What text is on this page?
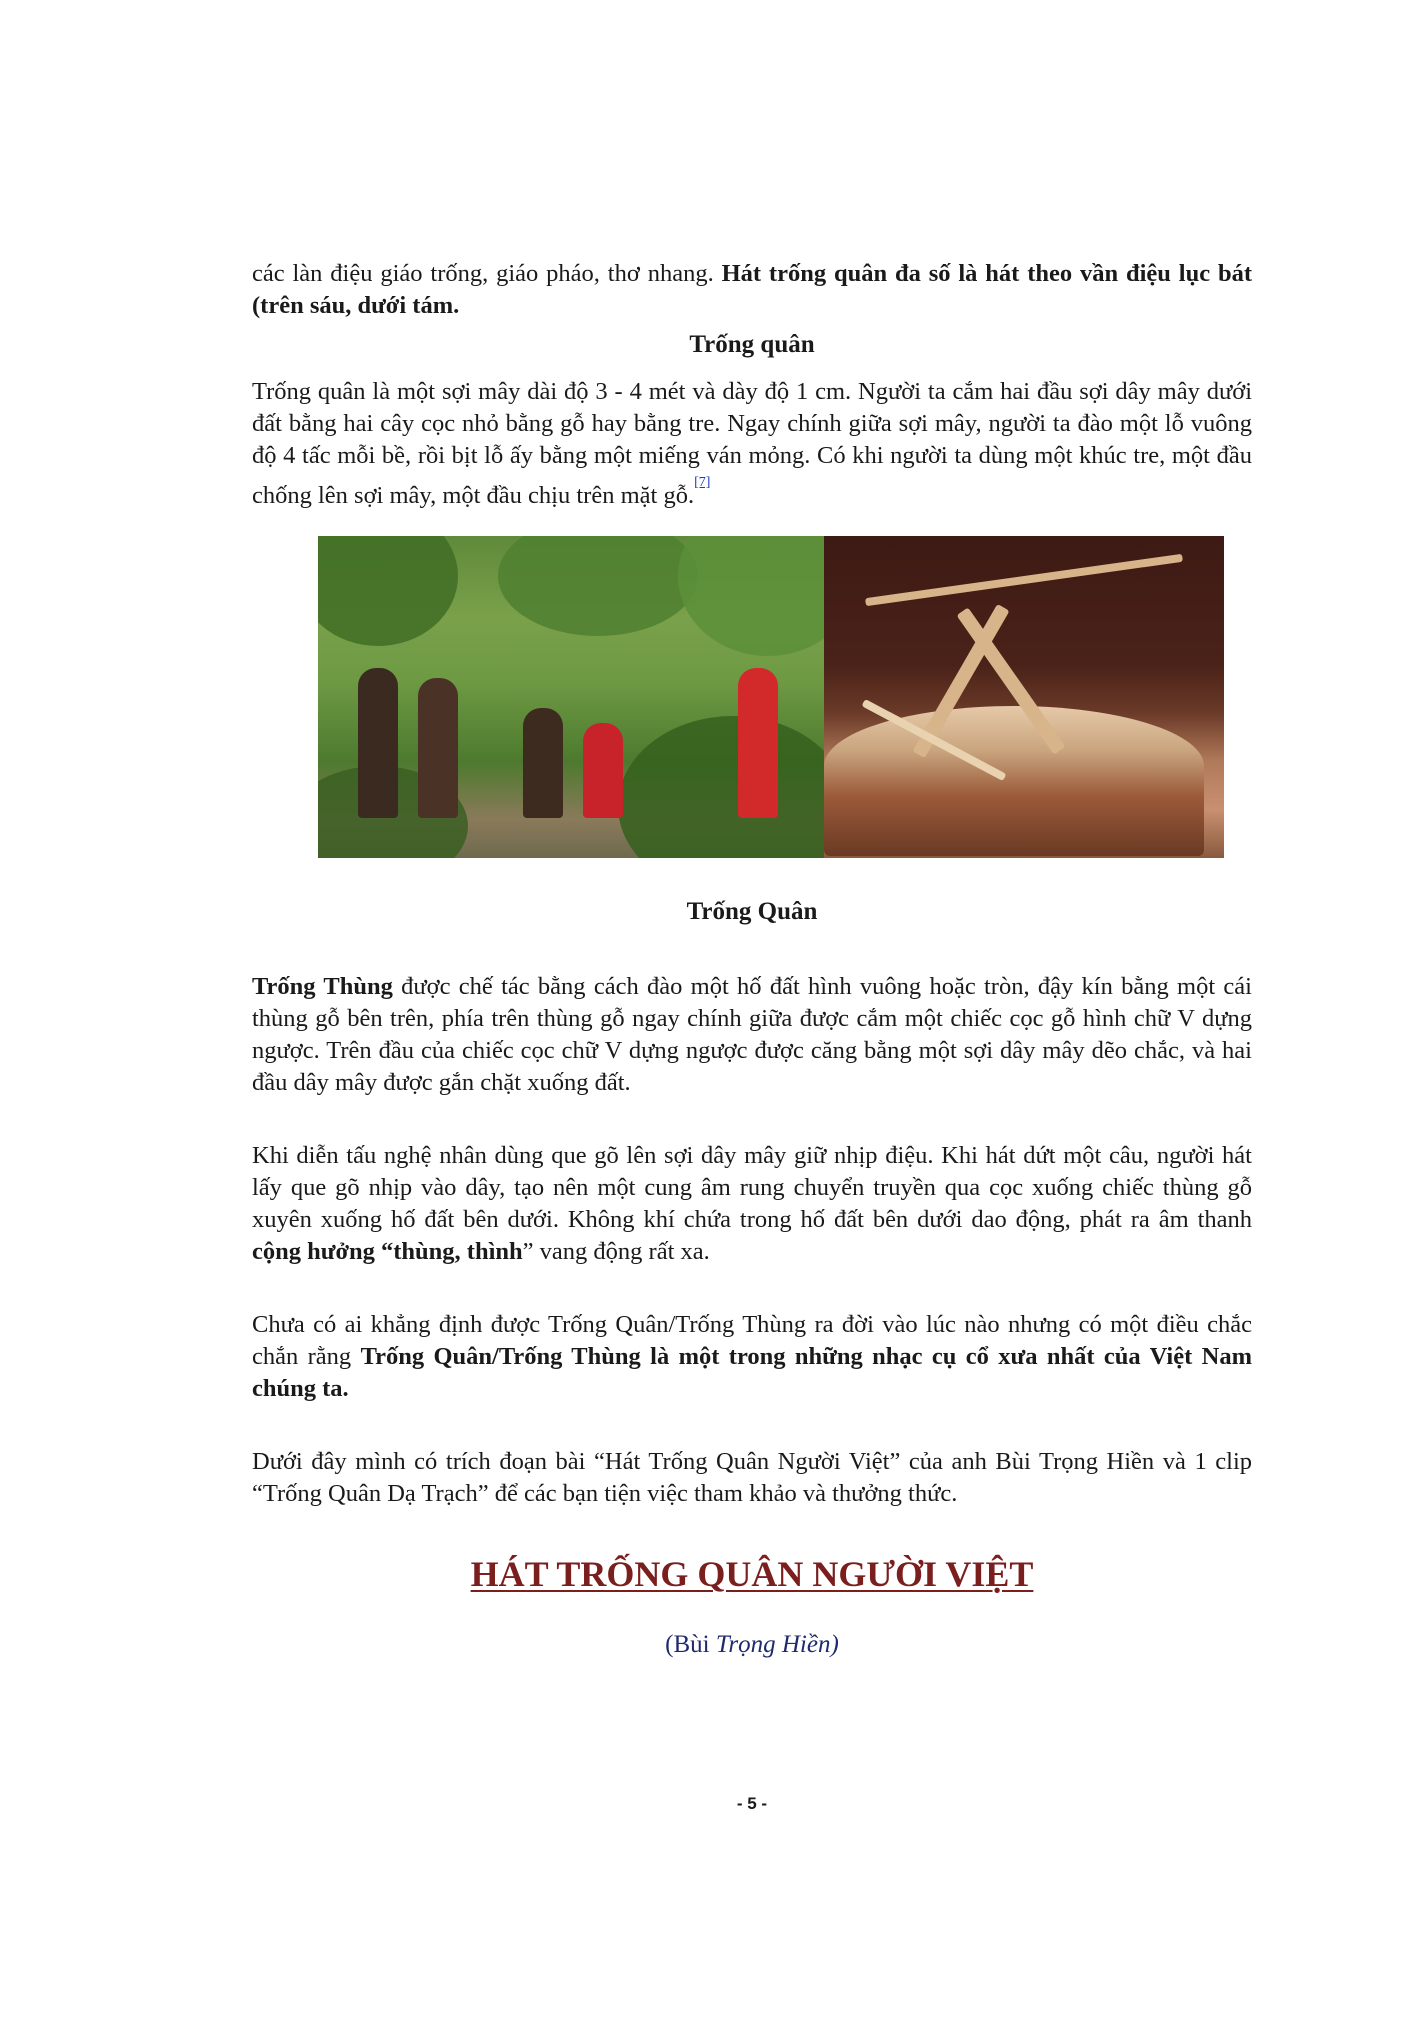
các làn điệu giáo trống, giáo pháo, thơ nhang. Hát trống quân đa số là hát theo vần điệu lục bát (trên sáu, dưới tám.
Trống quân
Trống quân là một sợi mây dài độ 3 - 4 mét và dày độ 1 cm. Người ta cắm hai đầu sợi dây mây dưới đất bằng hai cây cọc nhỏ bằng gỗ hay bằng tre. Ngay chính giữa sợi mây, người ta đào một lỗ vuông độ 4 tấc mỗi bề, rồi bịt lỗ ấy bằng một miếng ván mỏng. Có khi người ta dùng một khúc tre, một đầu chống lên sợi mây, một đầu chịu trên mặt gỗ.[7]
Trống Quân
Trống Thùng được chế tác bằng cách đào một hố đất hình vuông hoặc tròn, đậy kín bằng một cái thùng gỗ bên trên, phía trên thùng gỗ ngay chính giữa được cắm một chiếc cọc gỗ hình chữ V dựng ngược. Trên đầu của chiếc cọc chữ V dựng ngược được căng bằng một sợi dây mây dẽo chắc, và hai đầu dây mây được gắn chặt xuống đất.
Khi diễn tấu nghệ nhân dùng que gõ lên sợi dây mây giữ nhịp điệu. Khi hát dứt một câu, người hát lấy que gõ nhịp vào dây, tạo nên một cung âm rung chuyển truyền qua cọc xuống chiếc thùng gỗ xuyên xuống hố đất bên dưới. Không khí chứa trong hố đất bên dưới dao động, phát ra âm thanh cộng hưởng “thùng, thình” vang động rất xa.
Chưa có ai khẳng định được Trống Quân/Trống Thùng ra đời vào lúc nào nhưng có một điều chắc chắn rằng Trống Quân/Trống Thùng là một trong những nhạc cụ cổ xưa nhất của Việt Nam chúng ta.
Dưới đây mình có trích đoạn bài “Hát Trống Quân Người Việt” của anh Bùi Trọng Hiền và 1 clip “Trống Quân Dạ Trạch” để các bạn tiện việc tham khảo và thưởng thức.
HÁT TRỐNG QUÂN NGƯỜI VIỆT
(Bùi Trọng Hiền)
- 5 -
